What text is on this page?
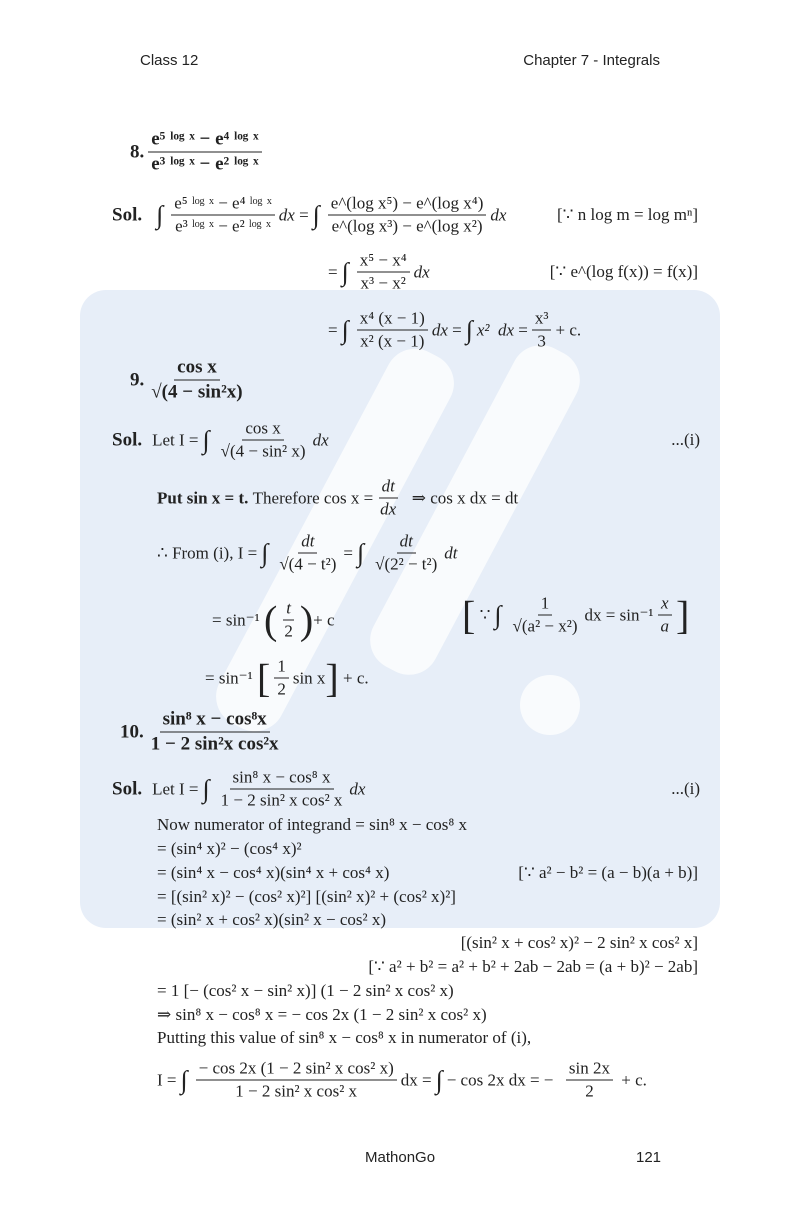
Class 12	Chapter 7 - Integrals
8.
e⁵ ˡᵒᵍ ˣ − e⁴ ˡᵒᵍ ˣ
e³ ˡᵒᵍ ˣ − e² ˡᵒᵍ ˣ
Sol. ∫ e⁵ ˡᵒᵍ ˣ − e⁴ ˡᵒᵍ ˣ
e³ ˡᵒᵍ ˣ − e² ˡᵒᵍ ˣ
dx
= ∫ e^(log x⁵) − e^(log x⁴)
e^(log x³) − e^(log x²)
dx	[∵ n log m = log mⁿ]
= ∫ x⁵ − x⁴
x³ − x²
dx	[∵ e^(log f(x)) = f(x)]
= ∫ x⁴ (x − 1)
x² (x − 1)
dx
= ∫ x²
dx
= $\frac{\text{x³}}{3} + c$.
9.
cos x
√(4 − sin²x)
Sol. Let I = ∫ cos x
√(4 − sin² x)
dx	...(i)
Put sin x = t.
Therefore $\cos x = \frac{dt}{dx}$
⇒ cos x dx = dt
∴ From (i), I = ∫ $\frac{dt}{\text{√(4 − t²)}}$ = ∫ dt
√(2² − t²)
dt
= sin⁻¹
( t
2 ) + c	[
∵ ∫ 1
√(a² − x²)
dx = sin⁻¹
x
a ]
= sin⁻¹
[ 1
2
sin x ]
+ c.
10.
sin⁸ x − cos⁸x
1 − 2 sin²x cos²x
Sol. Let I = ∫ sin⁸ x − cos⁸ x
1 − 2 sin² x cos² x
dx	...(i)
Now numerator of integrand = sin⁸ x − cos⁸ x
= (sin⁴ x)² − (cos⁴ x)²
= (sin⁴ x − cos⁴ x)(sin⁴ x + cos⁴ x)	[∵ a² − b² = (a − b)(a + b)]
= [(sin² x)² − (cos² x)²] [(sin² x)² + (cos² x)²]
= (sin² x + cos² x)(sin² x − cos² x)
[(sin² x + cos² x)² − 2 sin² x cos² x]
[∵ a² + b² = a² + b² + 2ab − 2ab = (a + b)² − 2ab]
= 1 [− (cos² x − sin² x)] (1 − 2 sin² x cos² x)
⇒ sin⁸ x − cos⁸ x = − cos 2x (1 − 2 sin² x cos² x)
Putting this value of sin⁸ x − cos⁸ x in numerator of (i),
I = ∫ − cos 2x (1 − 2 sin² x cos² x)
1 − 2 sin² x cos² x
dx = ∫ − cos 2x dx = −
$\frac{\sin 2x}{2}$
+ c.
MathonGo	121
